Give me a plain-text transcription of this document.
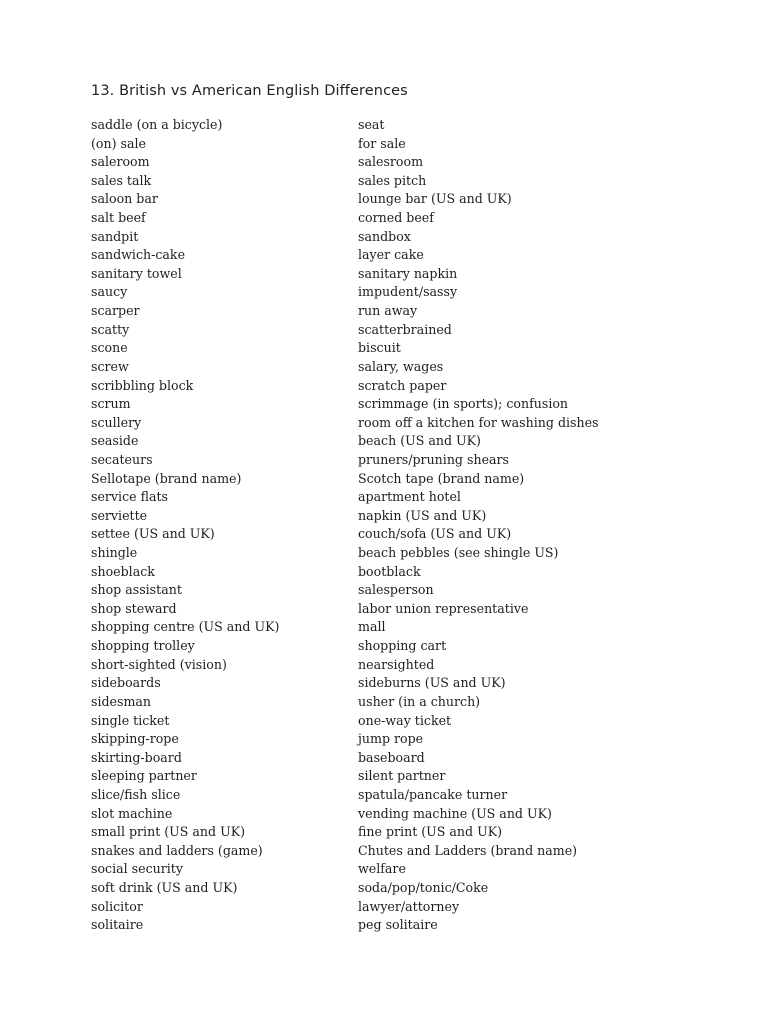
13. British vs American English Differences
saddle (on a bicycle)	seat
(on) sale	for sale
saleroom	salesroom
sales talk	sales pitch
saloon bar	lounge bar (US and UK)
salt beef	corned beef
sandpit	sandbox
sandwich-cake	layer cake
sanitary towel	sanitary napkin
saucy	impudent/sassy
scarper	run away
scatty	scatterbrained
scone	biscuit
screw	salary, wages
scribbling block	scratch paper
scrum	scrimmage (in sports); confusion
scullery	room off a kitchen for washing dishes
seaside	beach (US and UK)
secateurs	pruners/pruning shears
Sellotape (brand name)	Scotch tape (brand name)
service flats	apartment hotel
serviette	napkin (US and UK)
settee (US and UK)	couch/sofa (US and UK)
shingle	beach pebbles (see shingle US)
shoeblack	bootblack
shop assistant	salesperson
shop steward	labor union representative
shopping centre (US and UK)	mall
shopping trolley	shopping cart
short-sighted (vision)	nearsighted
sideboards	sideburns (US and UK)
sidesman	usher (in a church)
single ticket	one-way ticket
skipping-rope	jump rope
skirting-board	baseboard
sleeping partner	silent partner
slice/fish slice	spatula/pancake turner
slot machine	vending machine (US and UK)
small print (US and UK)	fine print (US and UK)
snakes and ladders (game)	Chutes and Ladders (brand name)
social security	welfare
soft drink (US and UK)	soda/pop/tonic/Coke
solicitor	lawyer/attorney
solitaire	peg solitaire
